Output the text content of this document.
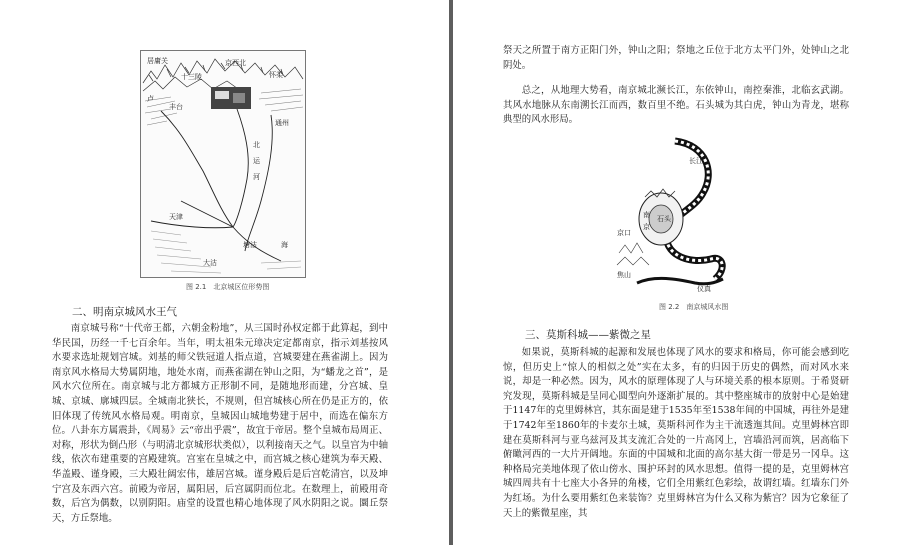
居庸关
十三陵
京西北
怀柔
卢
丰台
通州
北
运
河
天津
大沽
塘沽	海
图 2.1　北京城区位形势图
二、明南京城风水王气

南京城号称“十代帝王都，六朝金粉地”，从三国时孙权定都于此算起，到中华民国，历经一千七百余年。当年，明太祖朱元璋决定定都南京，指示刘基按风水要求选址规划宫城。刘基的师父铁冠道人指点道，宫城要建在燕雀湖上。因为南京风水格局大势属阴地，地处水南，而燕雀湖在钟山之阳，为“蟠龙之首”，是风水穴位所在。南京城与北方都城方正形制不同，是随地形而建，分宫城、皇城、京城、廓城四层。全城南北狭长，不规则，但宫城核心所在仍是正方的，依旧体现了传统风水格局观。明南京，皇城因山城地势建于居中，而选在偏东方位。八卦东方属震卦，《周易》云“帝出乎震”，故宜于帝居。整个皇城布局周正、对称，形状为倒凸形（与明清北京城形状类似），以利接南天之气。以皇宫为中轴线，依次布建重要的宫殿建筑。宫室在皇城之中，而宫城之核心建筑为奉天殿、华盖殿、谨身殿，三大殿壮阔宏伟，雄居宫城。谨身殿后是后宫乾清宫，以及坤宁宫及东西六宫。前殿为帝居，属阳居，后宫属阴而位北。在数理上，前殿用奇数，后宫为偶数，以别阴阳。庙堂的设置也精心地体现了风水阴阳之说。圜丘祭天，方丘祭地。

祭天之所置于南方正阳门外，钟山之阳；祭地之丘位于北方太平门外，处钟山之北阴处。

总之，从地理大势看，南京城北濒长江，东依钟山，南控秦淮，北临玄武湖。其风水地脉从东南溯长江而西，数百里不绝。石头城为其白虎，钟山为青龙，堪称典型的风水形局。

长江
京口
焦山
仪真
南
京
石头
图 2.2　南京城风水图
三、莫斯科城——紫微之星

如果说，莫斯科城的起源和发展也体现了风水的要求和格局，你可能会感到吃惊，但历史上“惊人的相似之处”实在太多，有的归因于历史的偶然，而对风水来说，却是一种必然。因为，风水的原理体现了人与环境关系的根本原则。于希贤研究发现，莫斯科城是呈同心圆型向外逐渐扩展的。其中整座城市的放射中心是始建于1147年的克里姆林宫，其东面是建于1535年至1538年间的中国城，再往外是建于1742年至1860年的卡麦尔土城，莫斯科河作为主干流透迤其间。克里姆林宫即建在莫斯科河与亚乌兹河及其支流汇合处的一片高冈上，宫墙沿河而筑，居高临下俯瞰河西的一大片开阔地。东面的中国城和北面的高尔基大街一带是另一冈阜。这种格局完美地体现了依山傍水、围护环封的风水思想。值得一提的是，克里姆林宫城四周共有十七座大小各异的角楼，它们全用紫红色彩绘，故谓红墙。红墙东门外为红场。为什么要用紫红色来装饰？克里姆林宫为什么又称为紫宫？因为它象征了天上的紫微星座，其
